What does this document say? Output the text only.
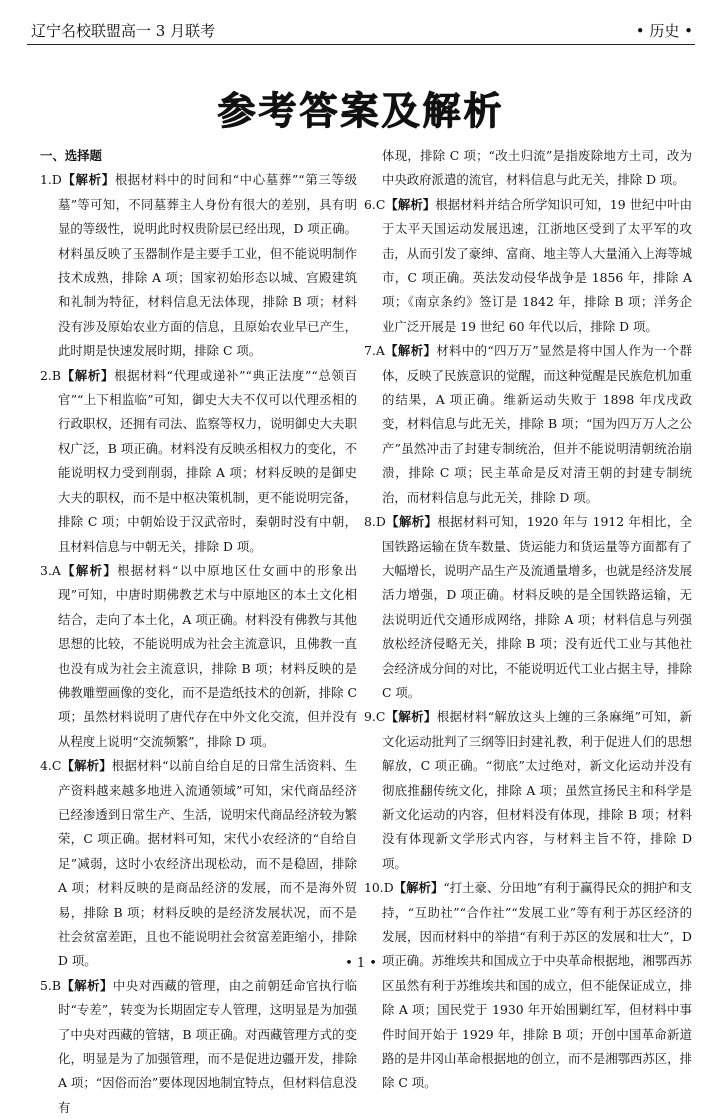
辽宁名校联盟高一 3 月联考	• 历史 •
参考答案及解析

一、选择题

1.D【解析】根据材料中的时间和“中心墓葬”“第三等级墓”等可知，不同墓葬主人身份有很大的差别，具有明显的等级性，说明此时权贵阶层已经出现，D 项正确。材料虽反映了玉器制作是主要手工业，但不能说明制作技术成熟，排除 A 项；国家初始形态以城、宫殿建筑和礼制为特征，材料信息无法体现，排除 B 项；材料没有涉及原始农业方面的信息，且原始农业早已产生，此时期是快速发展时期，排除 C 项。

2.B【解析】根据材料“代理或递补”“典正法度”“总领百官”“上下相监临”可知，御史大夫不仅可以代理丞相的行政职权，还拥有司法、监察等权力，说明御史大夫职权广泛，B 项正确。材料没有反映丞相权力的变化，不能说明权力受到削弱，排除 A 项；材料反映的是御史大夫的职权，而不是中枢决策机制，更不能说明完备，排除 C 项；中朝始设于汉武帝时，秦朝时没有中朝，且材料信息与中朝无关，排除 D 项。

3.A【解析】根据材料“以中原地区仕女画中的形象出现”可知，中唐时期佛教艺术与中原地区的本土文化相结合，走向了本土化，A 项正确。材料没有佛教与其他思想的比较，不能说明成为社会主流意识，且佛教一直也没有成为社会主流意识，排除 B 项；材料反映的是佛教雕塑画像的变化，而不是造纸技术的创新，排除 C 项；虽然材料说明了唐代存在中外文化交流，但并没有从程度上说明“交流频繁”，排除 D 项。

4.C【解析】根据材料“以前自给自足的日常生活资料、生产资料越来越多地进入流通领域”可知，宋代商品经济已经渗透到日常生产、生活，说明宋代商品经济较为繁荣，C 项正确。据材料可知，宋代小农经济的“自给自足”减弱，这时小农经济出现松动，而不是稳固，排除 A 项；材料反映的是商品经济的发展，而不是海外贸易，排除 B 项；材料反映的是经济发展状况，而不是社会贫富差距，且也不能说明社会贫富差距缩小，排除 D 项。

5.B【解析】中央对西藏的管理，由之前朝廷命官执行临时“专差”，转变为长期固定专人管理，这明显是为加强了中央对西藏的管辖，B 项正确。对西藏管理方式的变化，明显是为了加强管理，而不是促进边疆开发，排除 A 项；“因俗而治”要体现因地制宜特点，但材料信息没有

体现，排除 C 项；“改土归流”是指废除地方土司，改为中央政府派遣的流官，材料信息与此无关，排除 D 项。

6.C【解析】根据材料并结合所学知识可知，19 世纪中叶由于太平天国运动发展迅速，江浙地区受到了太平军的攻击，从而引发了豪绅、富商、地主等人大量涌入上海等城市，C 项正确。英法发动侵华战争是 1856 年，排除 A 项；《南京条约》签订是 1842 年，排除 B 项；洋务企业广泛开展是 19 世纪 60 年代以后，排除 D 项。

7.A【解析】材料中的“四万万”显然是将中国人作为一个群体，反映了民族意识的觉醒，而这种觉醒是民族危机加重的结果，A 项正确。维新运动失败于 1898 年戊戌政变，材料信息与此无关，排除 B 项；“国为四万万人之公产”虽然冲击了封建专制统治，但并不能说明清朝统治崩溃，排除 C 项；民主革命是反对清王朝的封建专制统治，而材料信息与此无关，排除 D 项。

8.D【解析】根据材料可知，1920 年与 1912 年相比，全国铁路运输在货车数量、货运能力和货运量等方面都有了大幅增长，说明产品生产及流通量增多，也就是经济发展活力增强，D 项正确。材料反映的是全国铁路运输，无法说明近代交通形成网络，排除 A 项；材料信息与列强放松经济侵略无关，排除 B 项；没有近代工业与其他社会经济成分间的对比，不能说明近代工业占据主导，排除 C 项。

9.C【解析】根据材料“解放这头上缠的三条麻绳”可知，新文化运动批判了三纲等旧封建礼教，利于促进人们的思想解放，C 项正确。“彻底”太过绝对，新文化运动并没有彻底推翻传统文化，排除 A 项；虽然宣扬民主和科学是新文化运动的内容，但材料没有体现，排除 B 项；材料没有体现新文学形式内容，与材料主旨不符，排除 D 项。

10.D【解析】“打土豪、分田地”有利于赢得民众的拥护和支持，“互助社”“合作社”“发展工业”等有利于苏区经济的发展，因而材料中的举措“有利于苏区的发展和壮大”，D 项正确。苏维埃共和国成立于中央革命根据地，湘鄂西苏区虽然有利于苏维埃共和国的成立，但不能保证成立，排除 A 项；国民党于 1930 年开始围剿红军，但材料中事件时间开始于 1929 年，排除 B 项；开创中国革命新道路的是井冈山革命根据地的创立，而不是湘鄂西苏区，排除 C 项。

• 1 •
